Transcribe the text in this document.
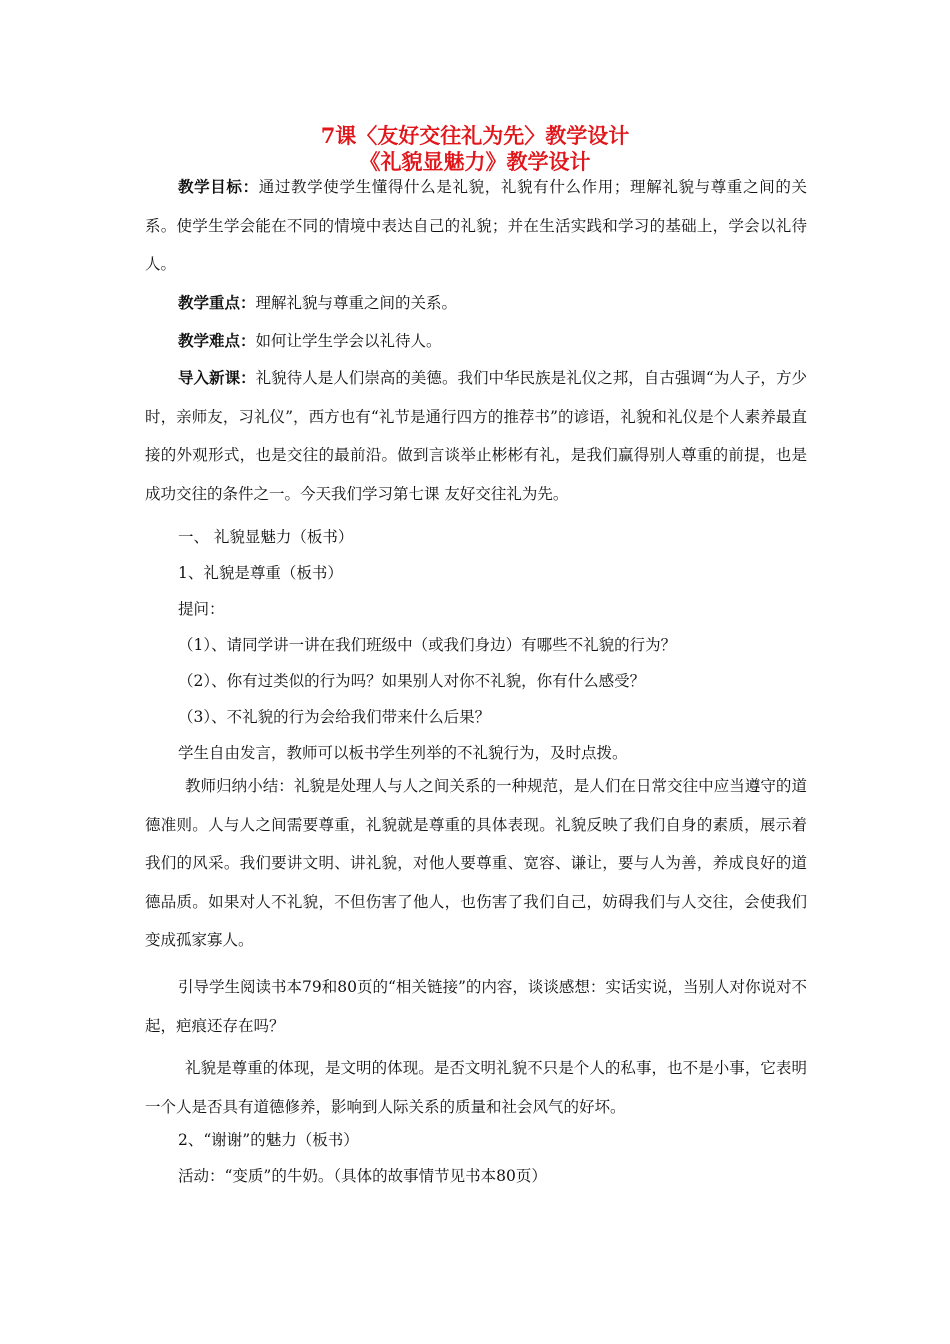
7课〈友好交往礼为先〉教学设计
《礼貌显魅力》教学设计

教学目标：通过教学使学生懂得什么是礼貌，礼貌有什么作用；理解礼貌与尊重之间的关系。使学生学会能在不同的情境中表达自己的礼貌；并在生活实践和学习的基础上，学会以礼待人。

教学重点：理解礼貌与尊重之间的关系。

教学难点：如何让学生学会以礼待人。

导入新课：礼貌待人是人们崇高的美德。我们中华民族是礼仪之邦，自古强调“为人子，方少时，亲师友，习礼仪”，西方也有“礼节是通行四方的推荐书”的谚语，礼貌和礼仪是个人素养最直接的外观形式，也是交往的最前沿。做到言谈举止彬彬有礼，是我们赢得别人尊重的前提，也是成功交往的条件之一。今天我们学习第七课 友好交往礼为先。

一、 礼貌显魅力（板书）

1、礼貌是尊重（板书）

提问：

（1）、请同学讲一讲在我们班级中（或我们身边）有哪些不礼貌的行为？

（2）、你有过类似的行为吗？如果别人对你不礼貌，你有什么感受？

（3）、不礼貌的行为会给我们带来什么后果？

学生自由发言，教师可以板书学生列举的不礼貌行为，及时点拨。

教师归纳小结：礼貌是处理人与人之间关系的一种规范，是人们在日常交往中应当遵守的道德准则。人与人之间需要尊重，礼貌就是尊重的具体表现。礼貌反映了我们自身的素质，展示着我们的风采。我们要讲文明、讲礼貌，对他人要尊重、宽容、谦让，要与人为善，养成良好的道德品质。如果对人不礼貌，不但伤害了他人，也伤害了我们自己，妨碍我们与人交往，会使我们变成孤家寡人。

引导学生阅读书本79和80页的“相关链接”的内容，谈谈感想：实话实说，当别人对你说对不起，疤痕还存在吗？

礼貌是尊重的体现，是文明的体现。是否文明礼貌不只是个人的私事，也不是小事，它表明一个人是否具有道德修养，影响到人际关系的质量和社会风气的好坏。

2、“谢谢”的魅力（板书）

活动：“变质”的牛奶。（具体的故事情节见书本80页）
